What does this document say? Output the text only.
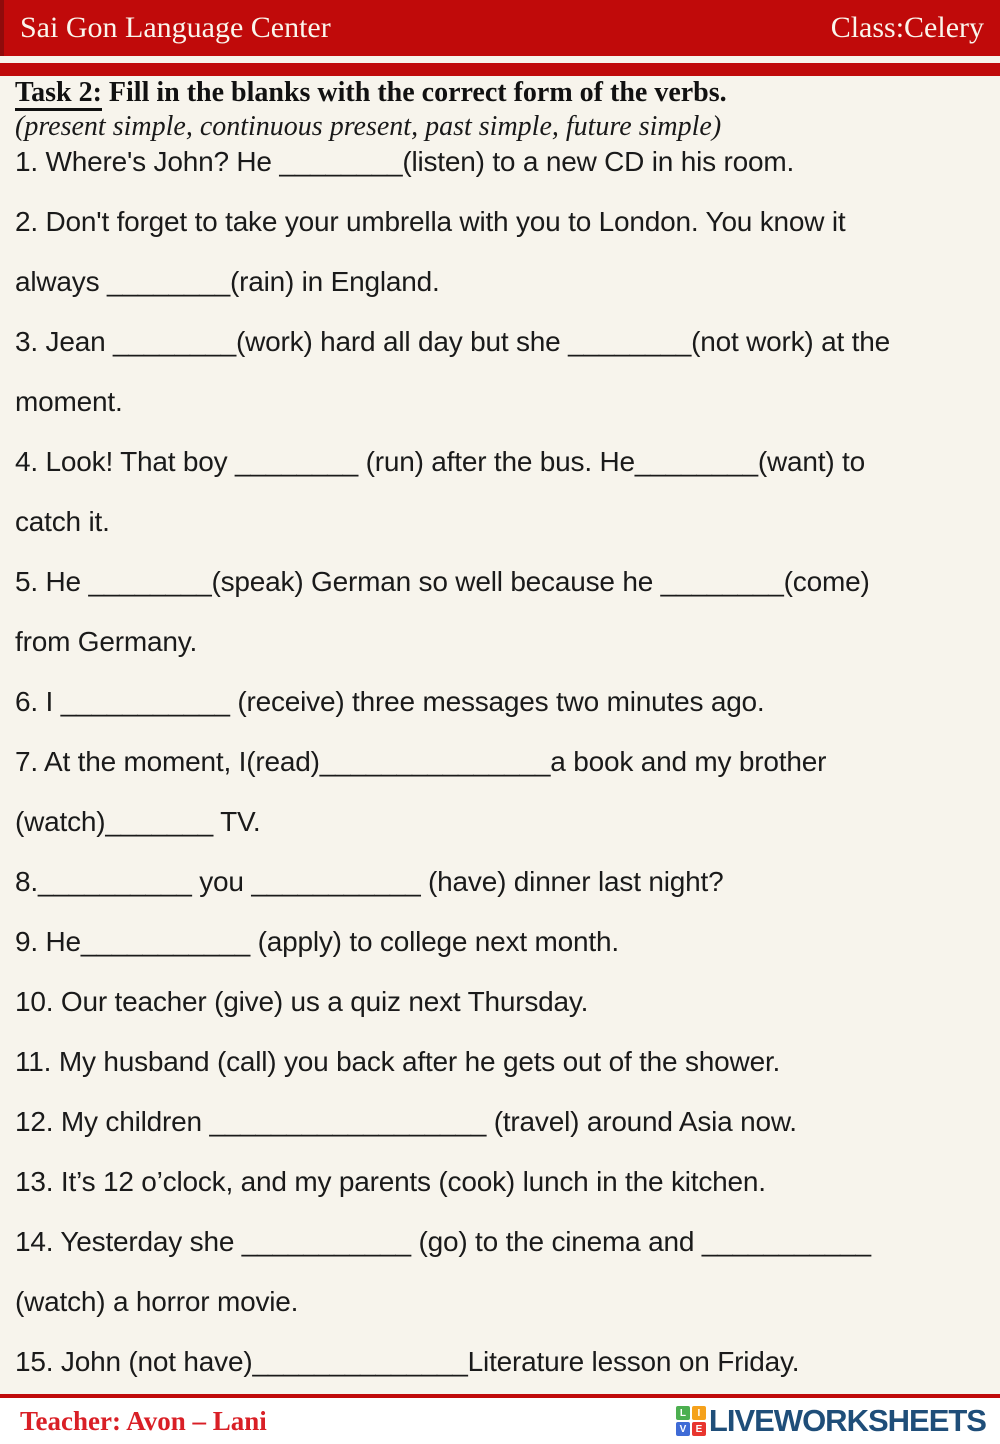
Sai Gon Language Center	Class:Celery
Task 2: Fill in the blanks with the correct form of the verbs.
(present simple, continuous present, past simple, future simple)
1. Where's John? He ________(listen) to a new CD in his room.
2. Don't forget to take your umbrella with you to London. You know it
always ________(rain) in England.
3. Jean ________(work) hard all day but she ________(not work) at the
moment.
4. Look! That boy ________ (run) after the bus. He________(want) to
catch it.
5. He ________(speak) German so well because he ________(come)
from Germany.
6. I ___________ (receive) three messages two minutes ago.
7. At the moment, I(read)_______________a book and my brother
(watch)_______ TV.
8.__________ you ___________ (have) dinner last night?
9. He___________ (apply) to college next month.
10. Our teacher (give) us a quiz next Thursday.
11. My husband (call) you back after he gets out of the shower.
12. My children __________________ (travel) around Asia now.
13. It’s 12 o’clock, and my parents (cook) lunch in the kitchen.
14. Yesterday she ___________ (go) to the cinema and ___________
(watch) a horror movie.
15. John (not have)______________Literature lesson on Friday.
Teacher: Avon – Lani	L	I
V E LIVEWORKSHEETS
